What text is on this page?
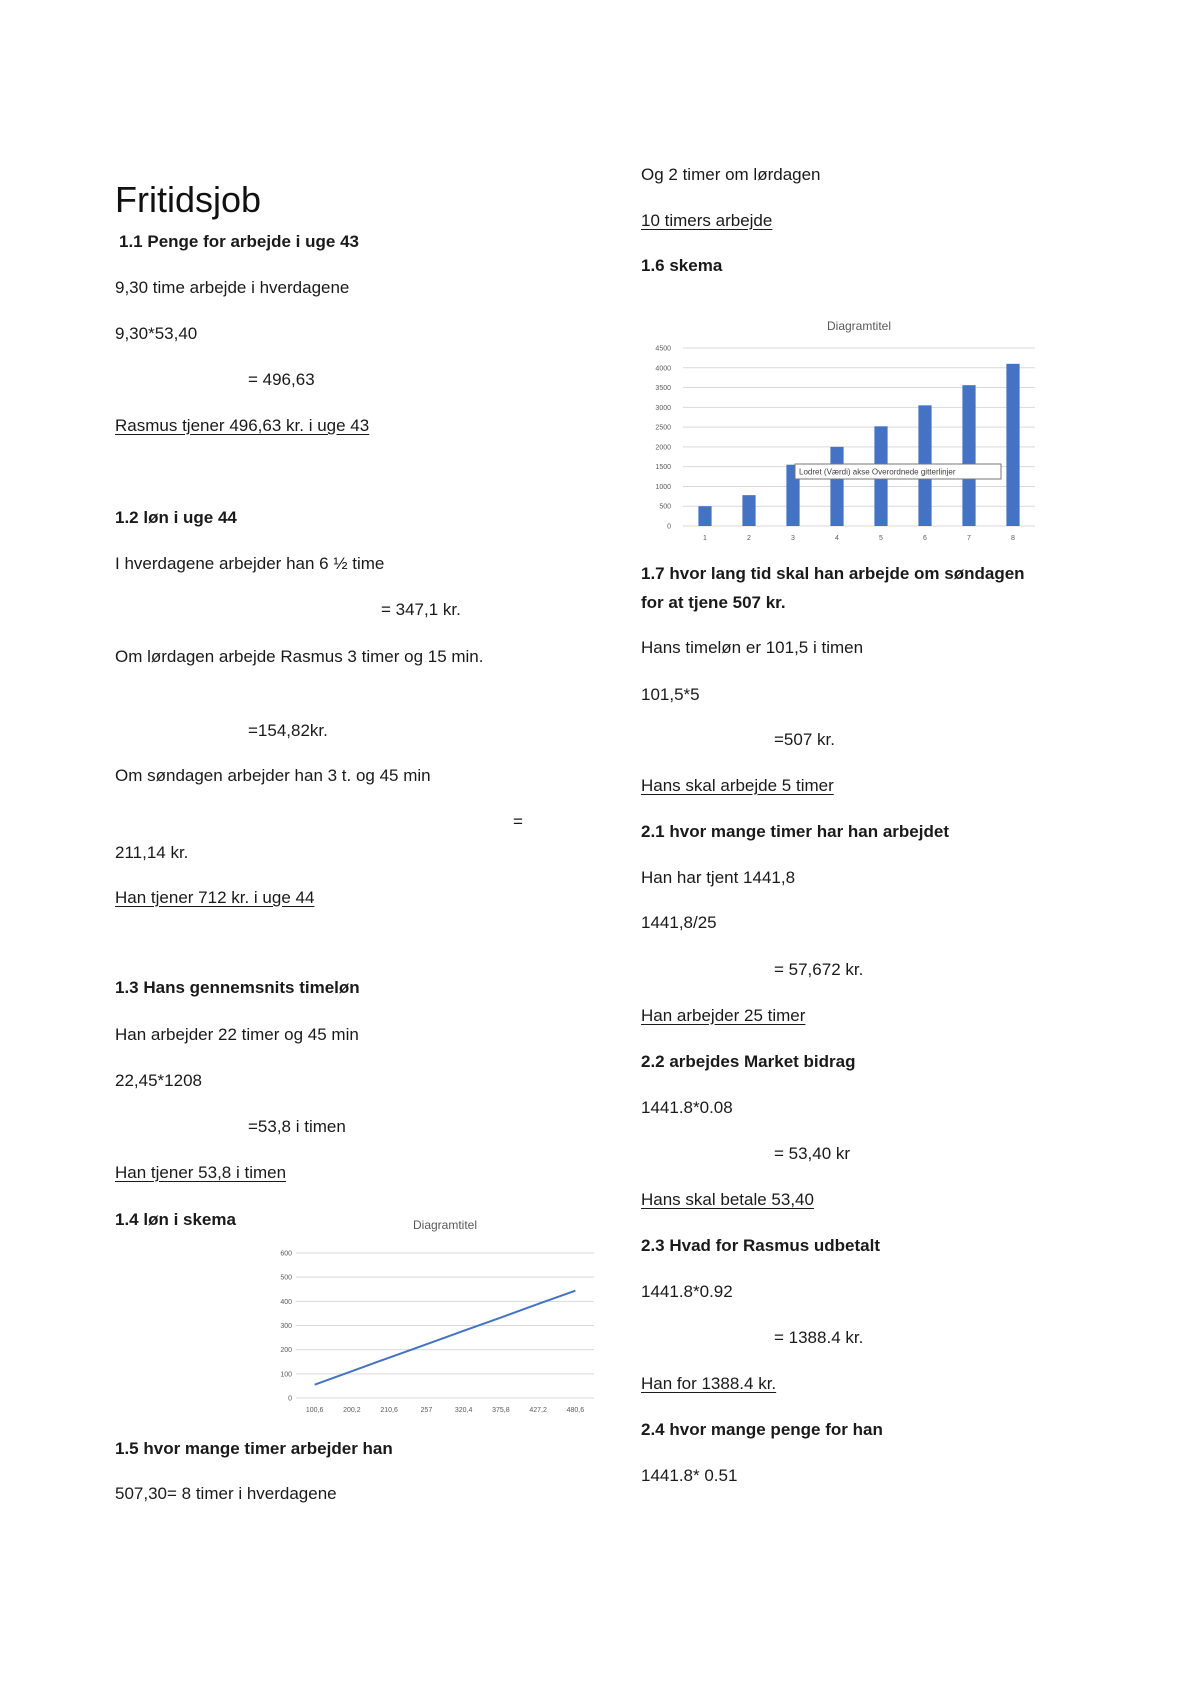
Fritidsjob
1.1 Penge for arbejde i uge 43
9,30 time arbejde i hverdagene
9,30*53,40
= 496,63
Rasmus tjener 496,63 kr. i uge 43
1.2 løn i uge 44
I hverdagene arbejder han 6 ½ time
= 347,1 kr.
Om lørdagen arbejde Rasmus 3 timer og 15 min.
=154,82kr.
Om søndagen arbejder han 3 t. og 45 min
=
211,14 kr.
Han tjener 712 kr. i uge 44
1.3 Hans gennemsnits timeløn
Han arbejder 22 timer og 45 min
22,45*1208
=53,8 i timen
Han tjener 53,8 i timen
1.4 løn i skema
1.5 hvor mange timer arbejder han
507,30= 8 timer i hverdagene
Og 2 timer om lørdagen
10 timers arbejde
1.6 skema
1.7 hvor lang tid skal han arbejde om søndagen
for at tjene 507 kr.
Hans timeløn er 101,5 i timen
101,5*5
=507 kr.
Hans skal arbejde 5 timer
2.1 hvor mange timer har han arbejdet
Han har tjent 1441,8
1441,8/25
= 57,672 kr.
Han arbejder 25 timer
2.2 arbejdes Market bidrag
1441.8*0.08
= 53,40 kr
Hans skal betale 53,40
2.3 Hvad for Rasmus udbetalt
1441.8*0.92
= 1388.4 kr.
Han for 1388.4 kr.
2.4 hvor mange penge for han
1441.8* 0.51
Diagramtitel
0
100
200
300
400
500
600
100,6	200,2	210,6	257	320,4	375,8	427,2	480,6
Diagramtitel
0
500
1000
1500
2000
2500
3000
3500
4000
4500
1	2	3	4	5	6	7	8
Lodret (Værdi) akse Overordnede gitterlinjer
